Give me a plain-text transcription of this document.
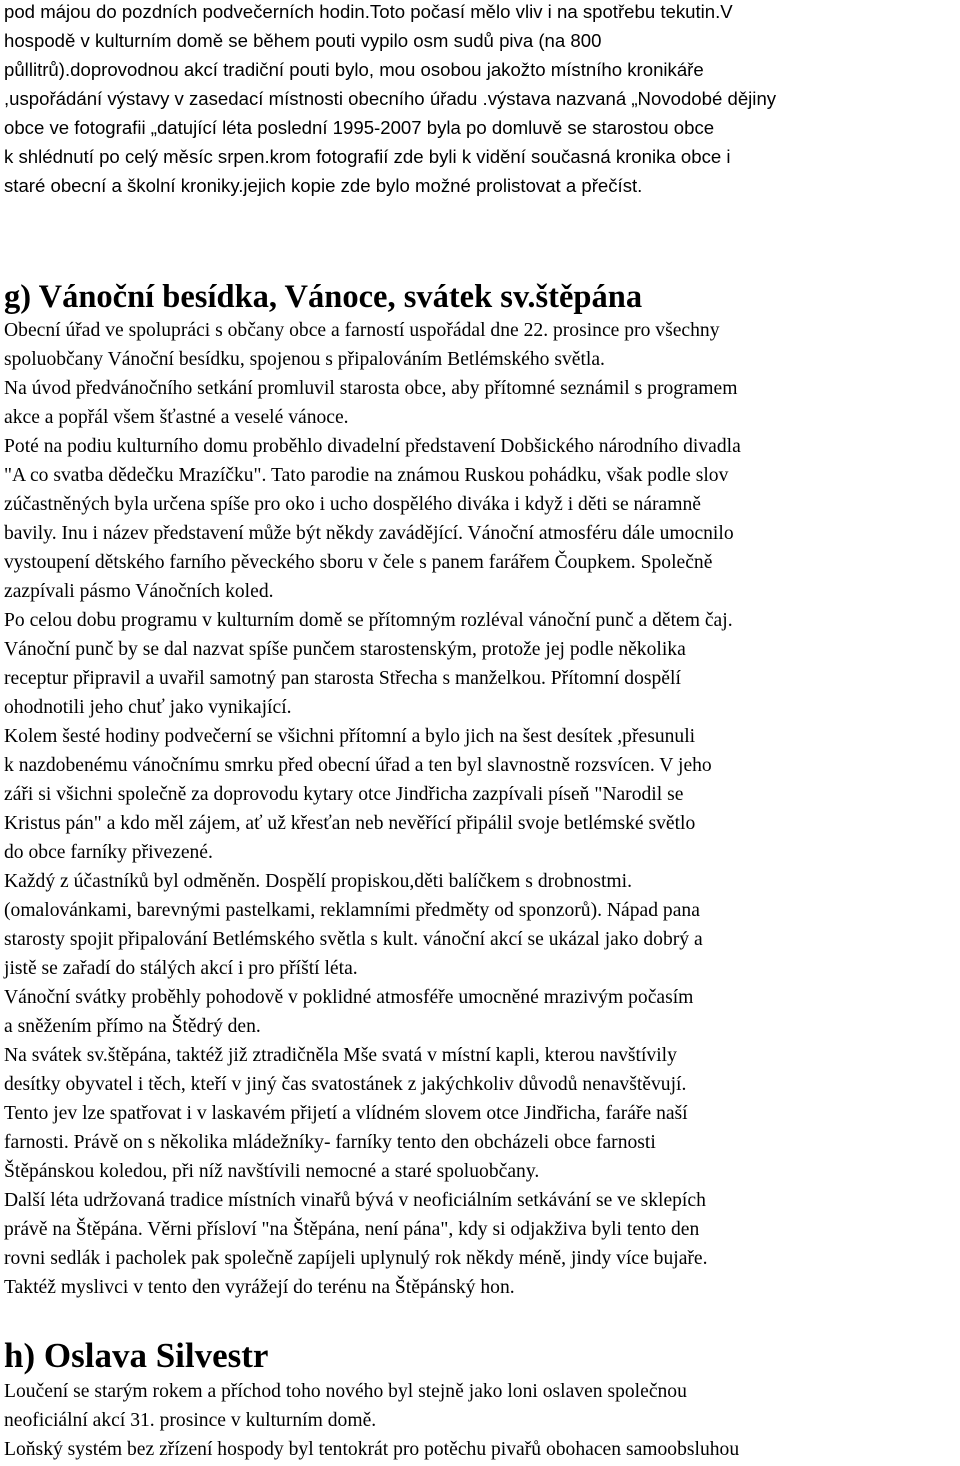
pod májou do pozdních podvečerních hodin.Toto počasí mělo vliv i na spotřebu tekutin.V
hospodě v kulturním domě se během pouti vypilo osm sudů piva (na 800
půllitrů).doprovodnou akcí tradiční pouti bylo, mou osobou jakožto místního kronikáře
,uspořádání výstavy v zasedací místnosti obecního úřadu .výstava nazvaná „Novodobé dějiny
obce ve fotografii „datující léta poslední 1995-2007 byla po domluvě se starostou obce
k shlédnutí po celý měsíc srpen.krom fotografií zde byli k vidění současná kronika obce i
staré obecní a školní kroniky.jejich kopie zde bylo možné prolistovat a přečíst.
g) Vánoční besídka, Vánoce, svátek sv.štěpána
Obecní úřad ve spolupráci s občany obce a farností uspořádal dne 22. prosince pro všechny
spoluobčany Vánoční besídku, spojenou s připalováním Betlémského světla.
Na úvod předvánočního setkání promluvil starosta obce, aby přítomné seznámil s programem
akce a popřál všem šťastné a veselé vánoce.
Poté na podiu kulturního domu proběhlo divadelní představení Dobšického národního divadla
"A co svatba dědečku Mrazíčku". Tato parodie na známou Ruskou pohádku, však podle slov
zúčastněných byla určena spíše pro oko i ucho dospělého diváka i když i děti se náramně
bavily. Inu i název představení může být někdy zavádějící. Vánoční atmosféru dále umocnilo
vystoupení dětského farního pěveckého sboru v čele s panem farářem Čoupkem. Společně
zazpívali pásmo Vánočních koled.
Po celou dobu programu v kulturním domě se přítomným rozléval vánoční punč a dětem čaj.
Vánoční punč by se dal nazvat spíše punčem starostenským, protože jej podle několika
receptur připravil a uvařil samotný pan starosta Střecha s manželkou. Přítomní dospělí
ohodnotili jeho chuť jako vynikající.
Kolem šesté hodiny podvečerní se všichni přítomní a bylo jich na šest desítek ,přesunuli
k nazdobenému vánočnímu smrku před obecní úřad a ten byl slavnostně rozsvícen. V jeho
záři si všichni společně za doprovodu kytary otce Jindřicha zazpívali píseň "Narodil se
Kristus pán" a kdo měl zájem, ať už křesťan neb nevěřící připálil svoje betlémské světlo
do obce farníky přivezené.
Každý z účastníků byl odměněn. Dospělí propiskou,děti balíčkem s drobnostmi.
(omalovánkami, barevnými pastelkami, reklamními předměty od sponzorů). Nápad pana
starosty spojit připalování Betlémského světla s kult. vánoční akcí se ukázal jako dobrý a
jistě se zařadí do stálých akcí i pro příští léta.
Vánoční svátky proběhly pohodově v poklidné atmosféře umocněné mrazivým počasím
a sněžením přímo na Štědrý den.
Na svátek sv.štěpána, taktéž již ztradičněla Mše svatá v místní kapli, kterou navštívily
desítky obyvatel i těch, kteří v jiný čas svatostánek z jakýchkoliv důvodů nenavštěvují.
Tento jev lze spatřovat i v laskavém přijetí a vlídném slovem otce Jindřicha, faráře naší
farnosti. Právě on s několika mládežníky- farníky tento den obcházeli obce farnosti
Štěpánskou koledou, při níž navštívili nemocné a staré spoluobčany.
Další léta udržovaná tradice místních vinařů bývá v neoficiálním setkávání se ve sklepích
právě na Štěpána. Věrni přísloví "na Štěpána, není pána", kdy si odjakživa byli tento den
rovni sedlák i pacholek pak společně zapíjeli uplynulý rok někdy méně, jindy více bujaře.
Taktéž myslivci v tento den vyrážejí do terénu na Štěpánský hon.
h) Oslava Silvestr
Loučení se starým rokem a příchod toho nového byl stejně jako loni oslaven společnou
neoficiální akcí 31. prosince v kulturním domě.
Loňský systém bez zřízení hospody byl tentokrát pro potěchu pivařů obohacen samoobsluhou
